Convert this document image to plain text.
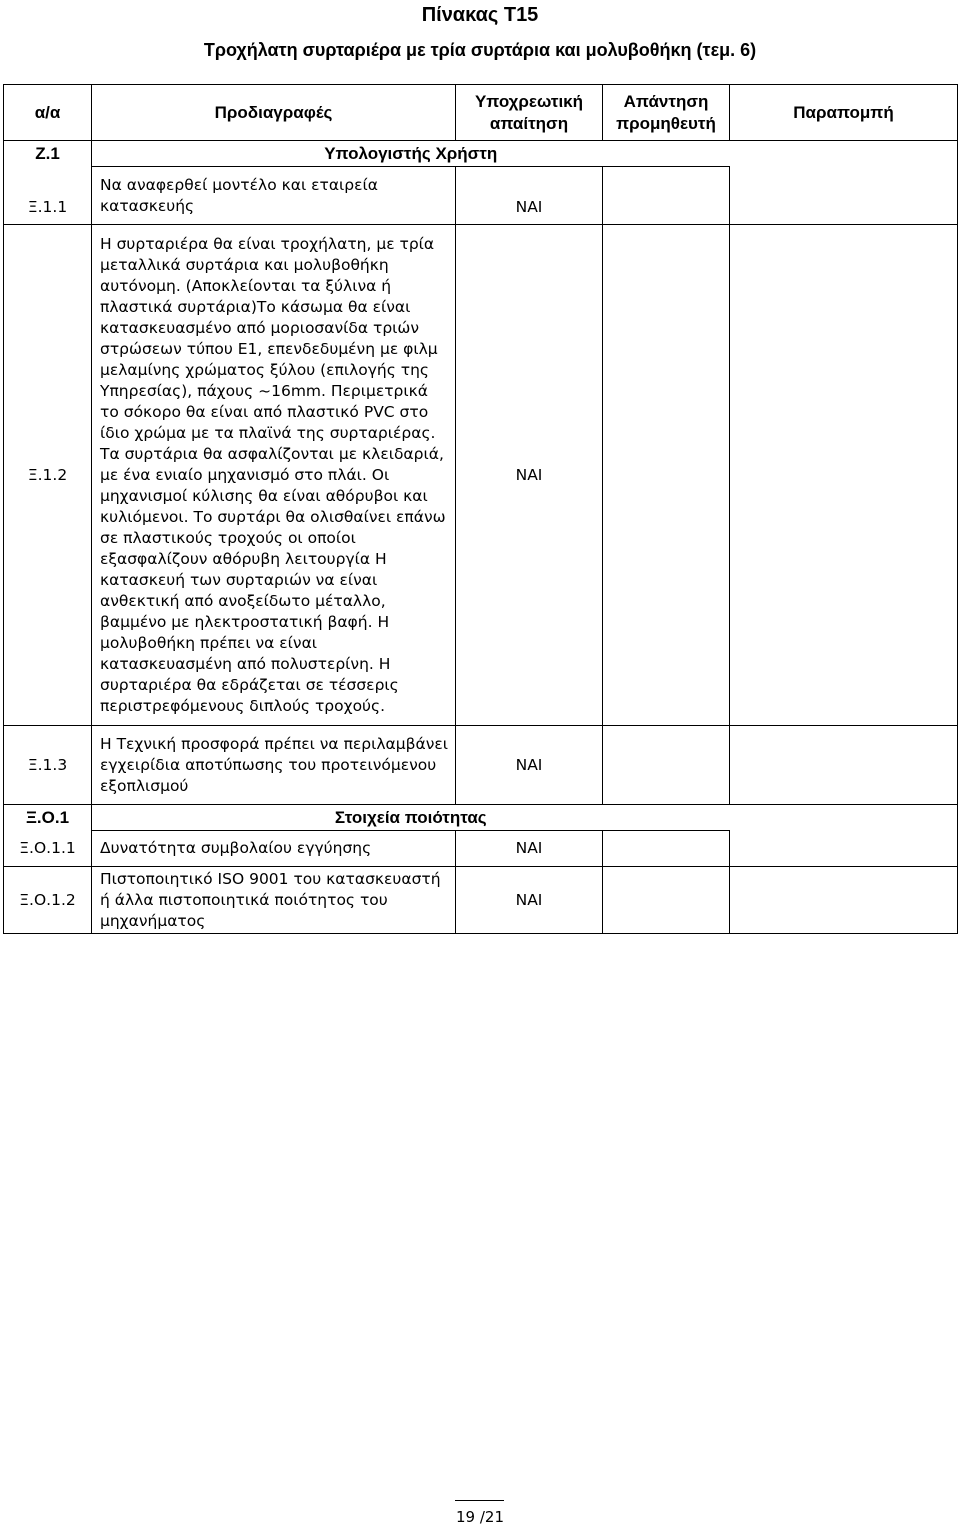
Πίνακας T15
Τροχήλατη συρταριέρα με τρία συρτάρια και μολυβοθήκη (τεμ. 6)
α/α	Προδιαγραφές	Υποχρεωτική απαίτηση	Απάντηση προμηθευτή	Παραπομπή
Ζ.1	Υπολογιστής Χρήστη			
Ξ.1.1	Να αναφερθεί μοντέλο και εταιρεία κατασκευής	ΝΑΙ		
Ξ.1.2	Η συρταριέρα θα είναι τροχήλατη, με τρία μεταλλικά συρτάρια και μολυβοθήκη αυτόνομη. (Αποκλείονται τα ξύλινα ή πλαστικά συρτάρια)Το κάσωμα θα είναι κατασκευασμένο από μοριοσανίδα τριών στρώσεων τύπου Ε1, επενδεδυμένη με φιλμ μελαμίνης χρώματος ξύλου (επιλογής της Υπηρεσίας), πάχους ~16mm. Περιμετρικά το σόκορο θα είναι από πλαστικό PVC στο ίδιο χρώμα με τα πλαϊνά της συρταριέρας. Τα συρτάρια θα ασφαλίζονται με κλειδαριά, με ένα ενιαίο μηχανισμό στο πλάι. Οι μηχανισμοί κύλισης θα είναι αθόρυβοι και κυλιόμενοι. Το συρτάρι θα ολισθαίνει επάνω σε πλαστικούς τροχούς οι οποίοι εξασφαλίζουν αθόρυβη λειτουργία Η κατασκευή των συρταριών να είναι ανθεκτική από ανοξείδωτο μέταλλο, βαμμένο με ηλεκτροστατική βαφή. Η μολυβοθήκη πρέπει να είναι κατασκευασμένη από πολυστερίνη. Η συρταριέρα θα εδράζεται σε τέσσερις περιστρεφόμενους διπλούς τροχούς.	ΝΑΙ		
Ξ.1.3	Η Τεχνική προσφορά πρέπει να περιλαμβάνει εγχειρίδια αποτύπωσης του προτεινόμενου εξοπλισμού	ΝΑΙ		
Ξ.Ο.1	Στοιχεία ποιότητας			
Ξ.Ο.1.1	Δυνατότητα συμβολαίου εγγύησης	ΝΑΙ		
Ξ.Ο.1.2	Πιστοποιητικό ISO 9001 του κατασκευαστή ή άλλα πιστοποιητικά ποιότητος του μηχανήματος	ΝΑΙ		
19 /21
